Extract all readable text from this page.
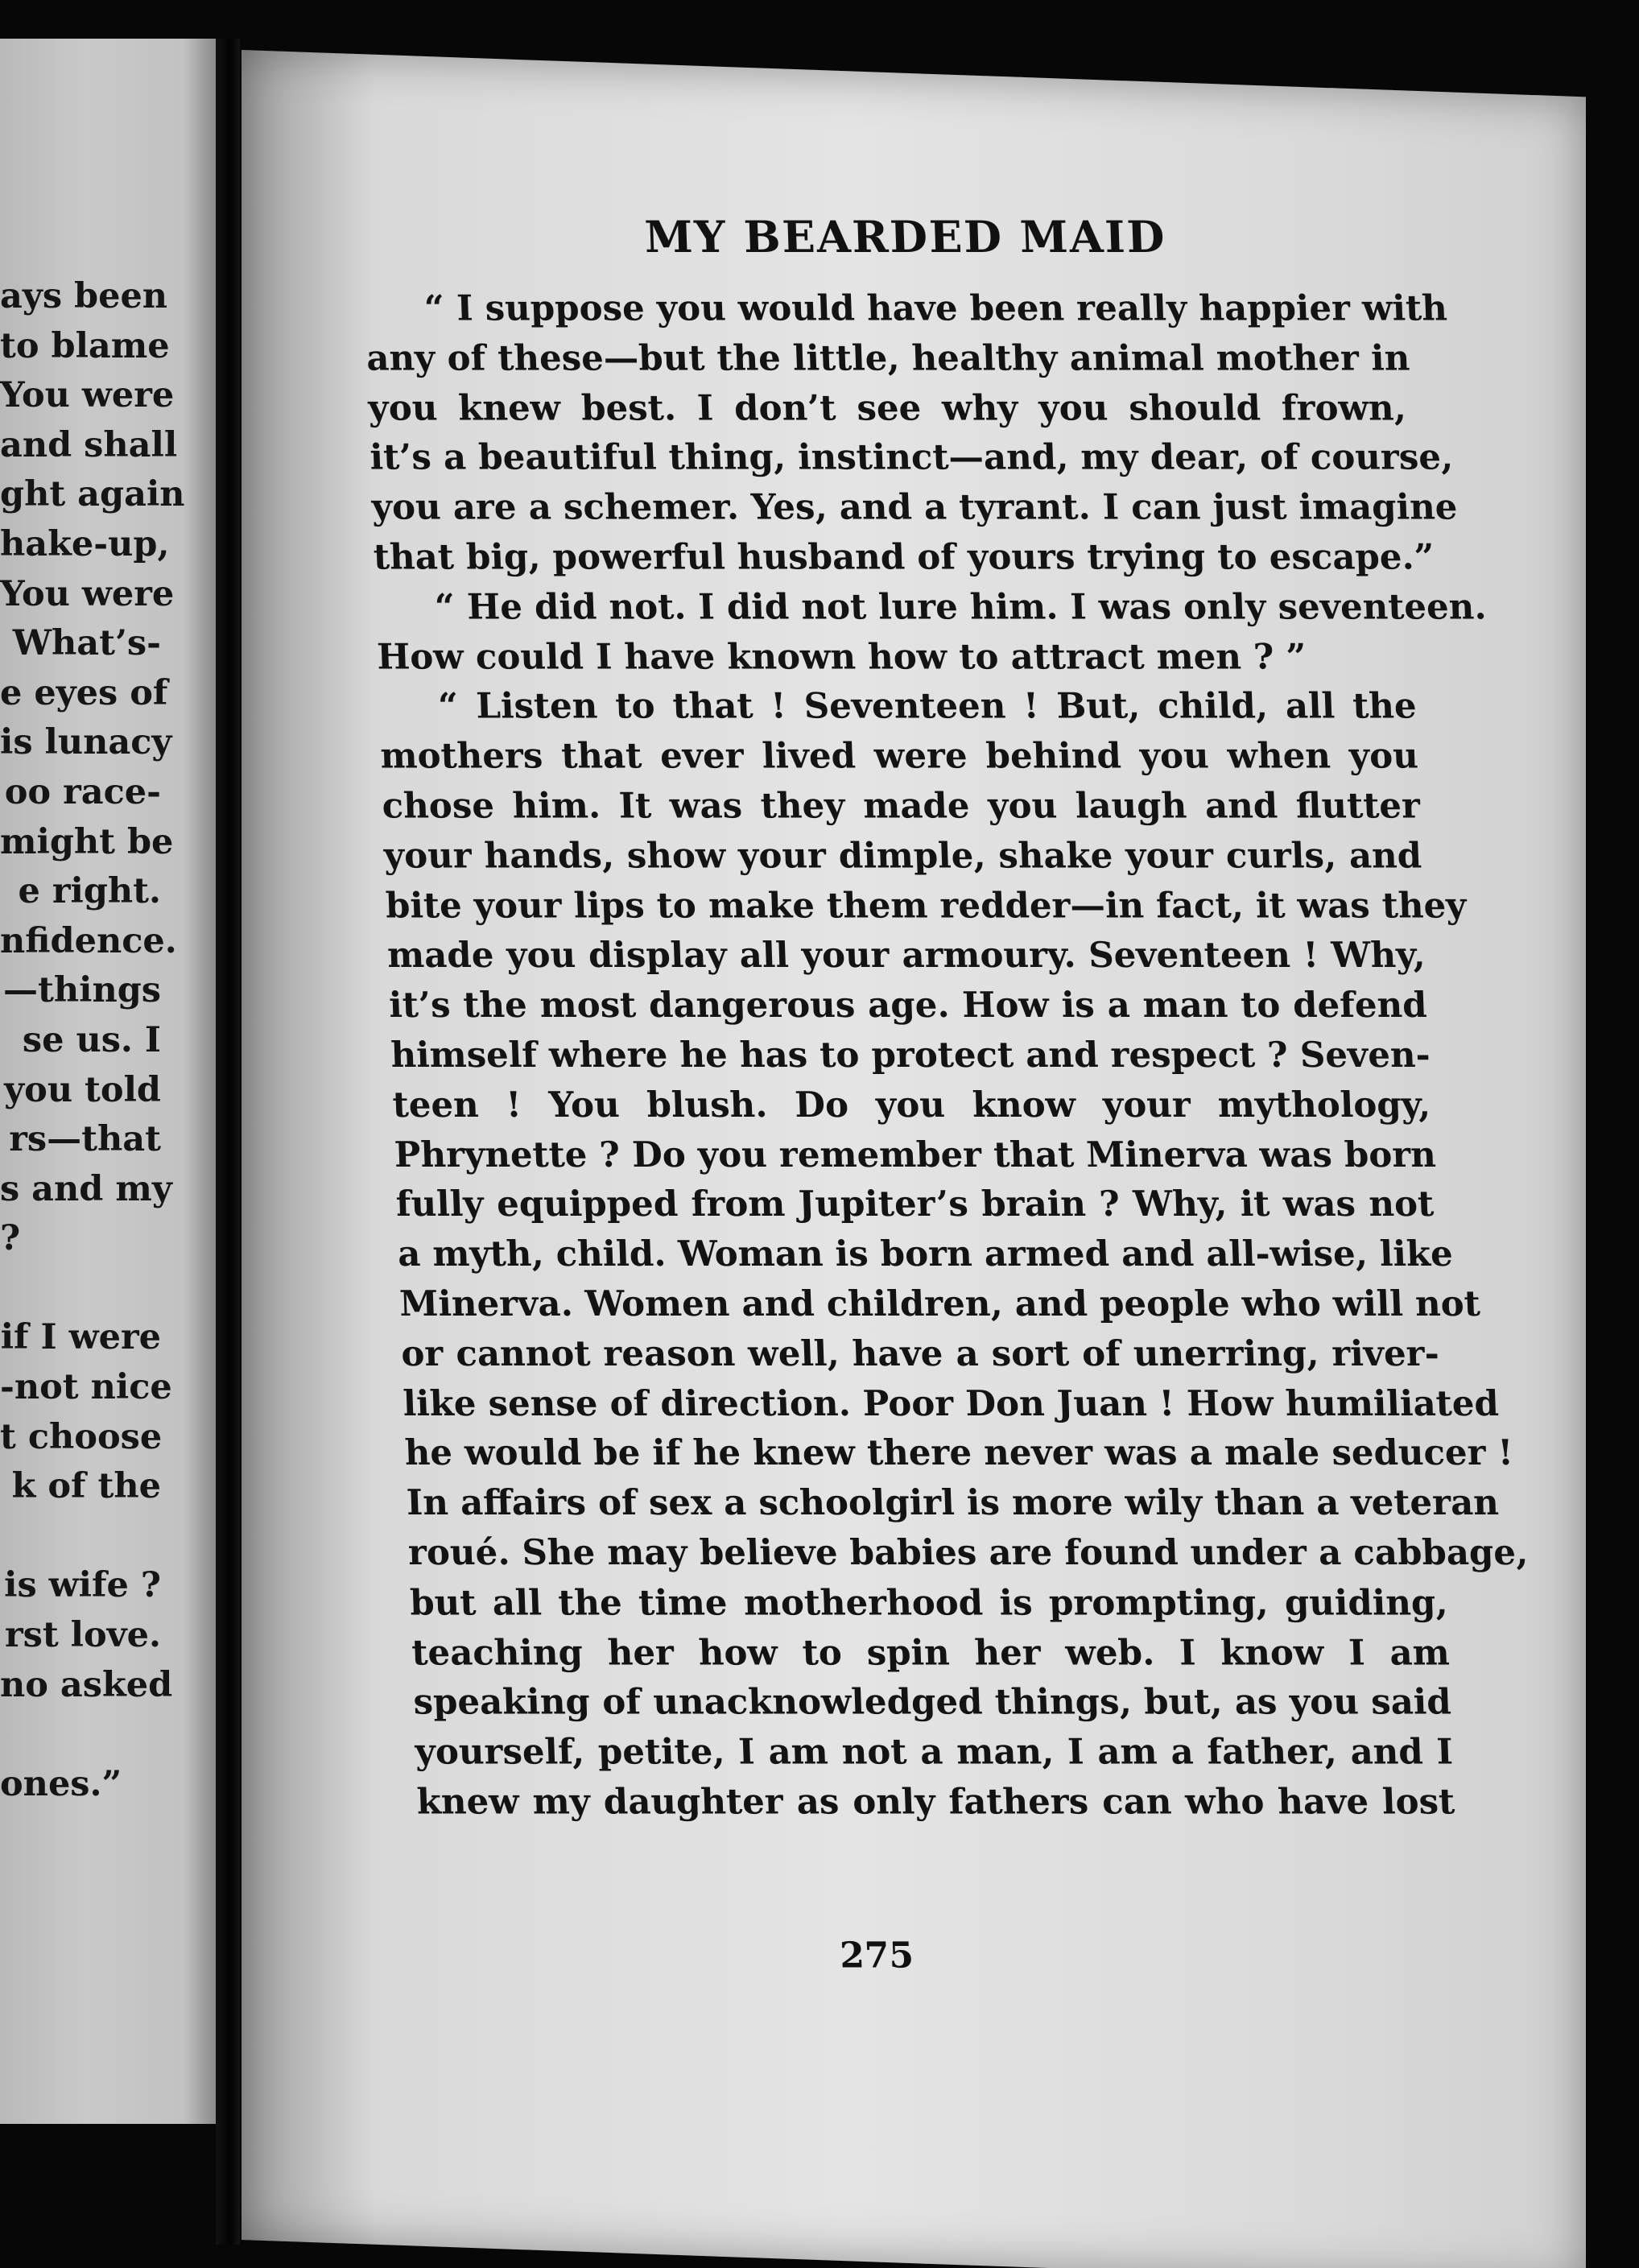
ays been
to blame
You were
and shall
ght again
hake-up,
You were
What’s-
e eyes of
is lunacy
oo race-
might be
e right.
nfidence.
—things
se us. I
you told
rs—that
s and my
?
if I were
-not nice
t choose
k of the
is wife ?
rst love.
no asked
ones.”
MY BEARDED MAID
“ I suppose you would have been really happier with
any of these—but the little, healthy animal mother in
you knew best. I don’t see why you should frown,
it’s a beautiful thing, instinct—and, my dear, of course,
you are a schemer. Yes, and a tyrant. I can just imagine
that big, powerful husband of yours trying to escape.”
“ He did not. I did not lure him. I was only seventeen.
How could I have known how to attract men ? ”
“ Listen to that ! Seventeen ! But, child, all the
mothers that ever lived were behind you when you
chose him. It was they made you laugh and flutter
your hands, show your dimple, shake your curls, and
bite your lips to make them redder—in fact, it was they
made you display all your armoury. Seventeen ! Why,
it’s the most dangerous age. How is a man to defend
himself where he has to protect and respect ? Seven-
teen ! You blush. Do you know your mythology,
Phrynette ? Do you remember that Minerva was born
fully equipped from Jupiter’s brain ? Why, it was not
a myth, child. Woman is born armed and all-wise, like
Minerva. Women and children, and people who will not
or cannot reason well, have a sort of unerring, river-
like sense of direction. Poor Don Juan ! How humiliated
he would be if he knew there never was a male seducer !
In affairs of sex a schoolgirl is more wily than a veteran
roué. She may believe babies are found under a cabbage,
but all the time motherhood is prompting, guiding,
teaching her how to spin her web. I know I am
speaking of unacknowledged things, but, as you said
yourself, petite, I am not a man, I am a father, and I
knew my daughter as only fathers can who have lost
275
